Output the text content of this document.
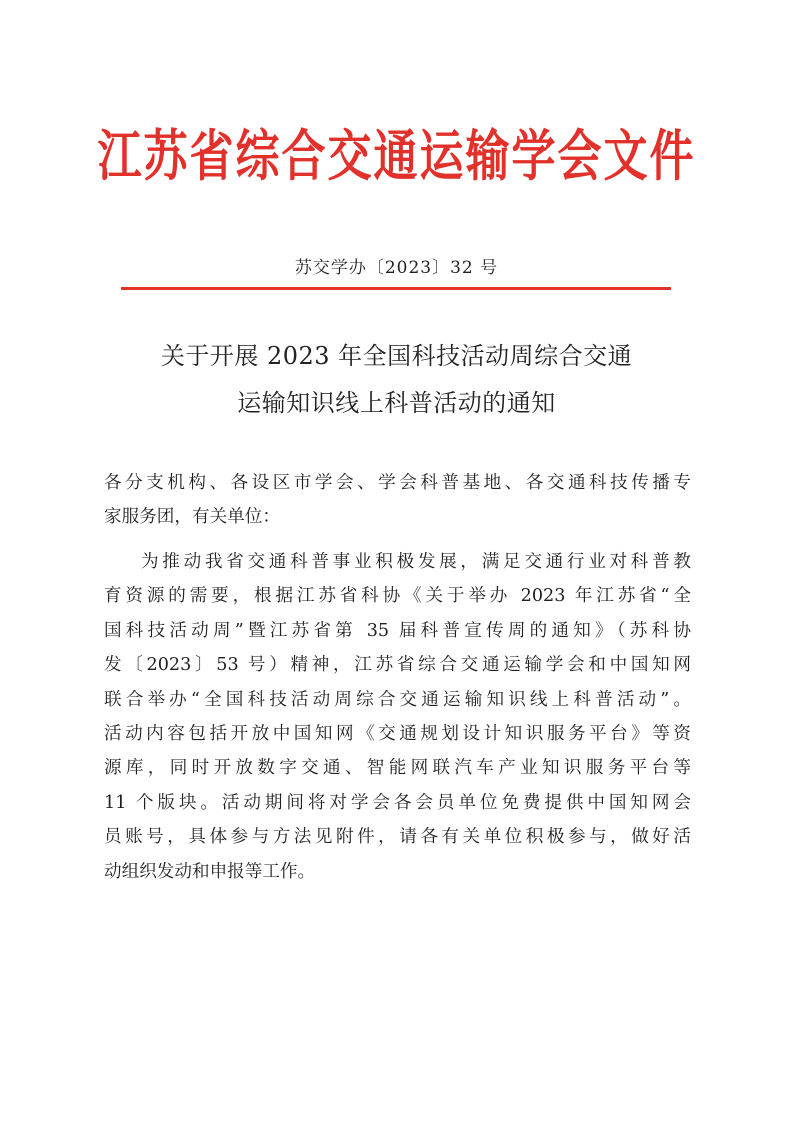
江苏省综合交通运输学会文件
苏交学办〔2023〕32 号
关于开展 2023 年全国科技活动周综合交通
运输知识线上科普活动的通知
各分支机构、各设区市学会、学会科普基地、各交通科技传播专
家服务团，有关单位：
为推动我省交通科普事业积极发展，满足交通行业对科普教
育资源的需要，根据江苏省科协《关于举办 2023 年江苏省“全
国科技活动周”暨江苏省第 35 届科普宣传周的通知》（苏科协
发〔2023〕53 号）精神，江苏省综合交通运输学会和中国知网
联合举办“全国科技活动周综合交通运输知识线上科普活动”。
活动内容包括开放中国知网《交通规划设计知识服务平台》等资
源库，同时开放数字交通、智能网联汽车产业知识服务平台等
11 个版块。活动期间将对学会各会员单位免费提供中国知网会
员账号，具体参与方法见附件，请各有关单位积极参与，做好活
动组织发动和申报等工作。
